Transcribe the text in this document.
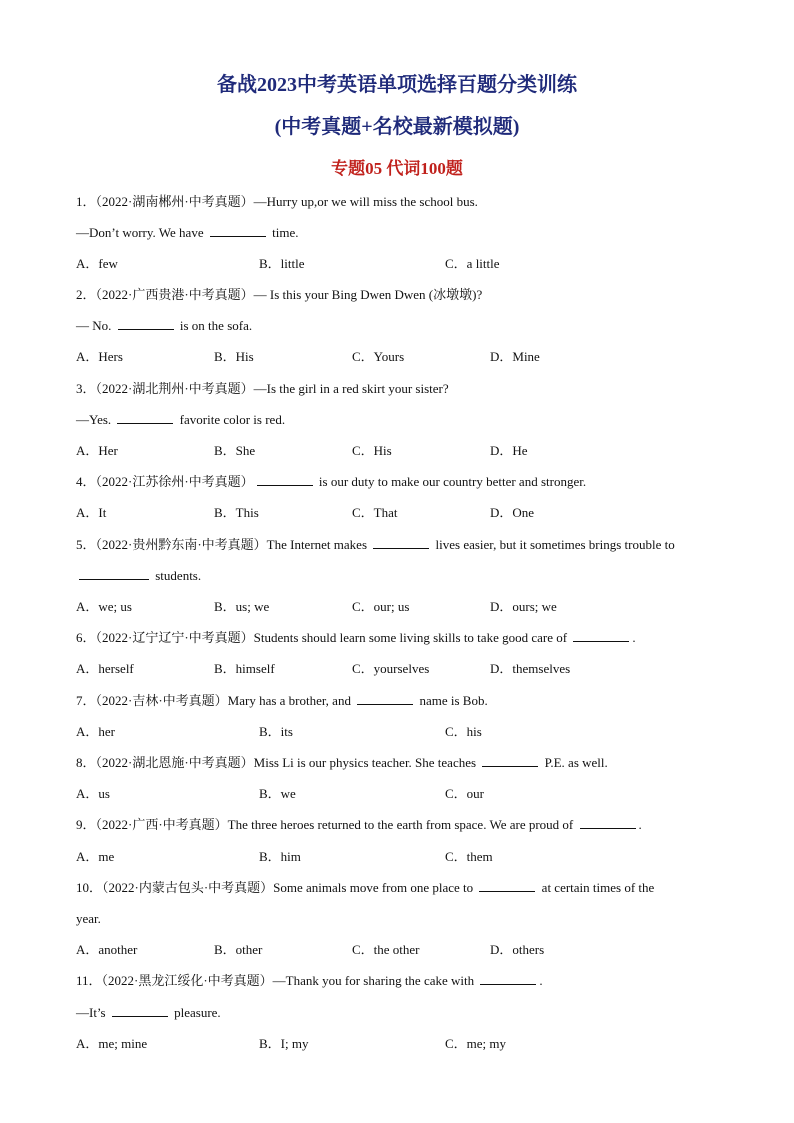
备战2023中考英语单项选择百题分类训练
(中考真题+名校最新模拟题)
专题05 代词100题
1．（2022·湖南郴州·中考真题）—Hurry up,or we will miss the school bus.
—Don’t worry. We have	time.
A．few	B．little	C．a little
2．（2022·广西贵港·中考真题）— Is this your Bing Dwen Dwen (冰墩墩)?
— No.	is on the sofa.
A．Hers	B．His	C．Yours	D．Mine
3．（2022·湖北荆州·中考真题）—Is the girl in a red skirt your sister?
—Yes.	favorite color is red.
A．Her	B．She	C．His	D．He
4．（2022·江苏徐州·中考真题）	is our duty to make our country better and stronger.
A．It	B．This	C．That	D．One
5．（2022·贵州黔东南·中考真题）The Internet makes	lives easier, but it sometimes brings trouble to
students.
A．we; us	B．us; we	C．our; us	D．ours; we
6．（2022·辽宁辽宁·中考真题）Students should learn some living skills to take good care of	.
A．herself	B．himself	C．yourselves	D．themselves
7．（2022·吉林·中考真题）Mary has a brother, and	name is Bob.
A．her	B．its	C．his
8．（2022·湖北恩施·中考真题）Miss Li is our physics teacher. She teaches	P.E. as well.
A．us	B．we	C．our
9．（2022·广西·中考真题）The three heroes returned to the earth from space. We are proud of	.
A．me	B．him	C．them
10．（2022·内蒙古包头·中考真题）Some animals move from one place to	at certain times of the
year.
A．another	B．other	C．the other	D．others
11．（2022·黑龙江绥化·中考真题）—Thank you for sharing the cake with	.
—It’s	pleasure.
A．me; mine	B．I; my	C．me; my
